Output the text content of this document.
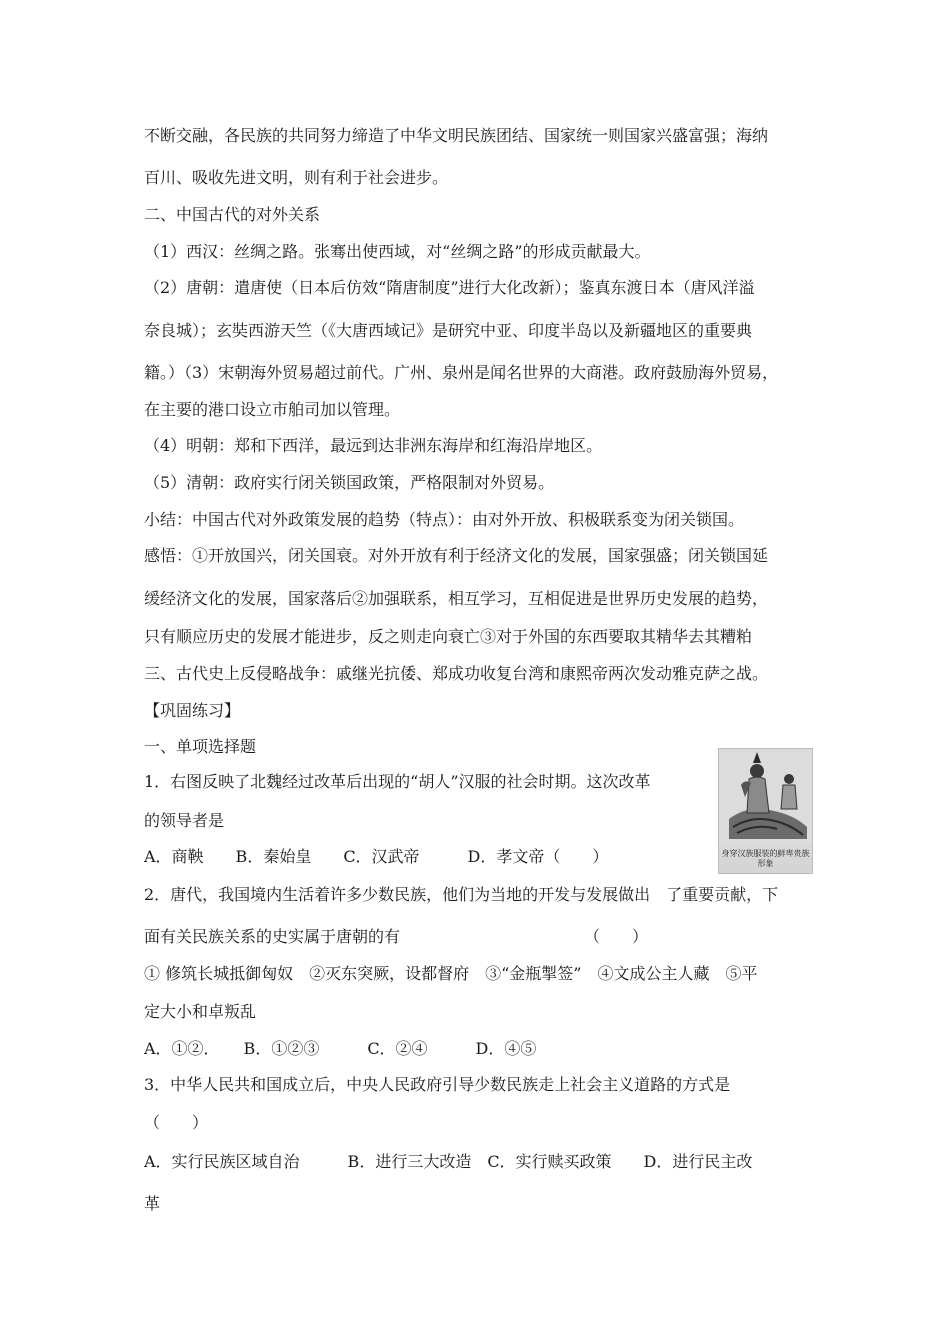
不断交融，各民族的共同努力缔造了中华文明民族团结、国家统一则国家兴盛富强；海纳
百川、吸收先进文明，则有利于社会进步。
二、中国古代的对外关系
（1）西汉：丝绸之路。张骞出使西域，对“丝绸之路”的形成贡献最大。
（2）唐朝：遣唐使（日本后仿效“隋唐制度”进行大化改新）；鉴真东渡日本（唐风洋溢
奈良城）；玄奘西游天竺（《大唐西域记》是研究中亚、印度半岛以及新疆地区的重要典
籍。）（3）宋朝海外贸易超过前代。广州、泉州是闻名世界的大商港。政府鼓励海外贸易，
在主要的港口设立市舶司加以管理。
（4）明朝：郑和下西洋，最远到达非洲东海岸和红海沿岸地区。
（5）清朝：政府实行闭关锁国政策，严格限制对外贸易。
小结：中国古代对外政策发展的趋势（特点）：由对外开放、积极联系变为闭关锁国。
感悟：①开放国兴，闭关国衰。对外开放有利于经济文化的发展，国家强盛；闭关锁国延
缓经济文化的发展，国家落后②加强联系，相互学习，互相促进是世界历史发展的趋势，
只有顺应历史的发展才能进步，反之则走向衰亡③对于外国的东西要取其精华去其糟粕
三、古代史上反侵略战争：戚继光抗倭、郑成功收复台湾和康熙帝两次发动雅克萨之战。
【巩固练习】
一、单项选择题
1．右图反映了北魏经过改革后出现的“胡人”汉服的社会时期。这次改革
的领导者是
A．商鞅　　B．秦始皇　　C．汉武帝　　　D．孝文帝（　　）
2．唐代，我国境内生活着许多少数民族，他们为当地的开发与发展做出　了重要贡献，下
面有关民族关系的史实属于唐朝的有　　　　　　　　　　　　（　　）
① 修筑长城抵御匈奴　②灭东突厥，设都督府　③“金瓶掣签”　④文成公主人藏　⑤平
定大小和卓叛乱
A．①②．　　B．①②③　　　C．②④　　　D．④⑤
3．中华人民共和国成立后，中央人民政府引导少数民族走上社会主义道路的方式是
（　　）
A．实行民族区域自治　　　B．进行三大改造　C．实行赎买政策　　D．进行民主改
革
身穿汉族服装的鲜卑贵族形象
